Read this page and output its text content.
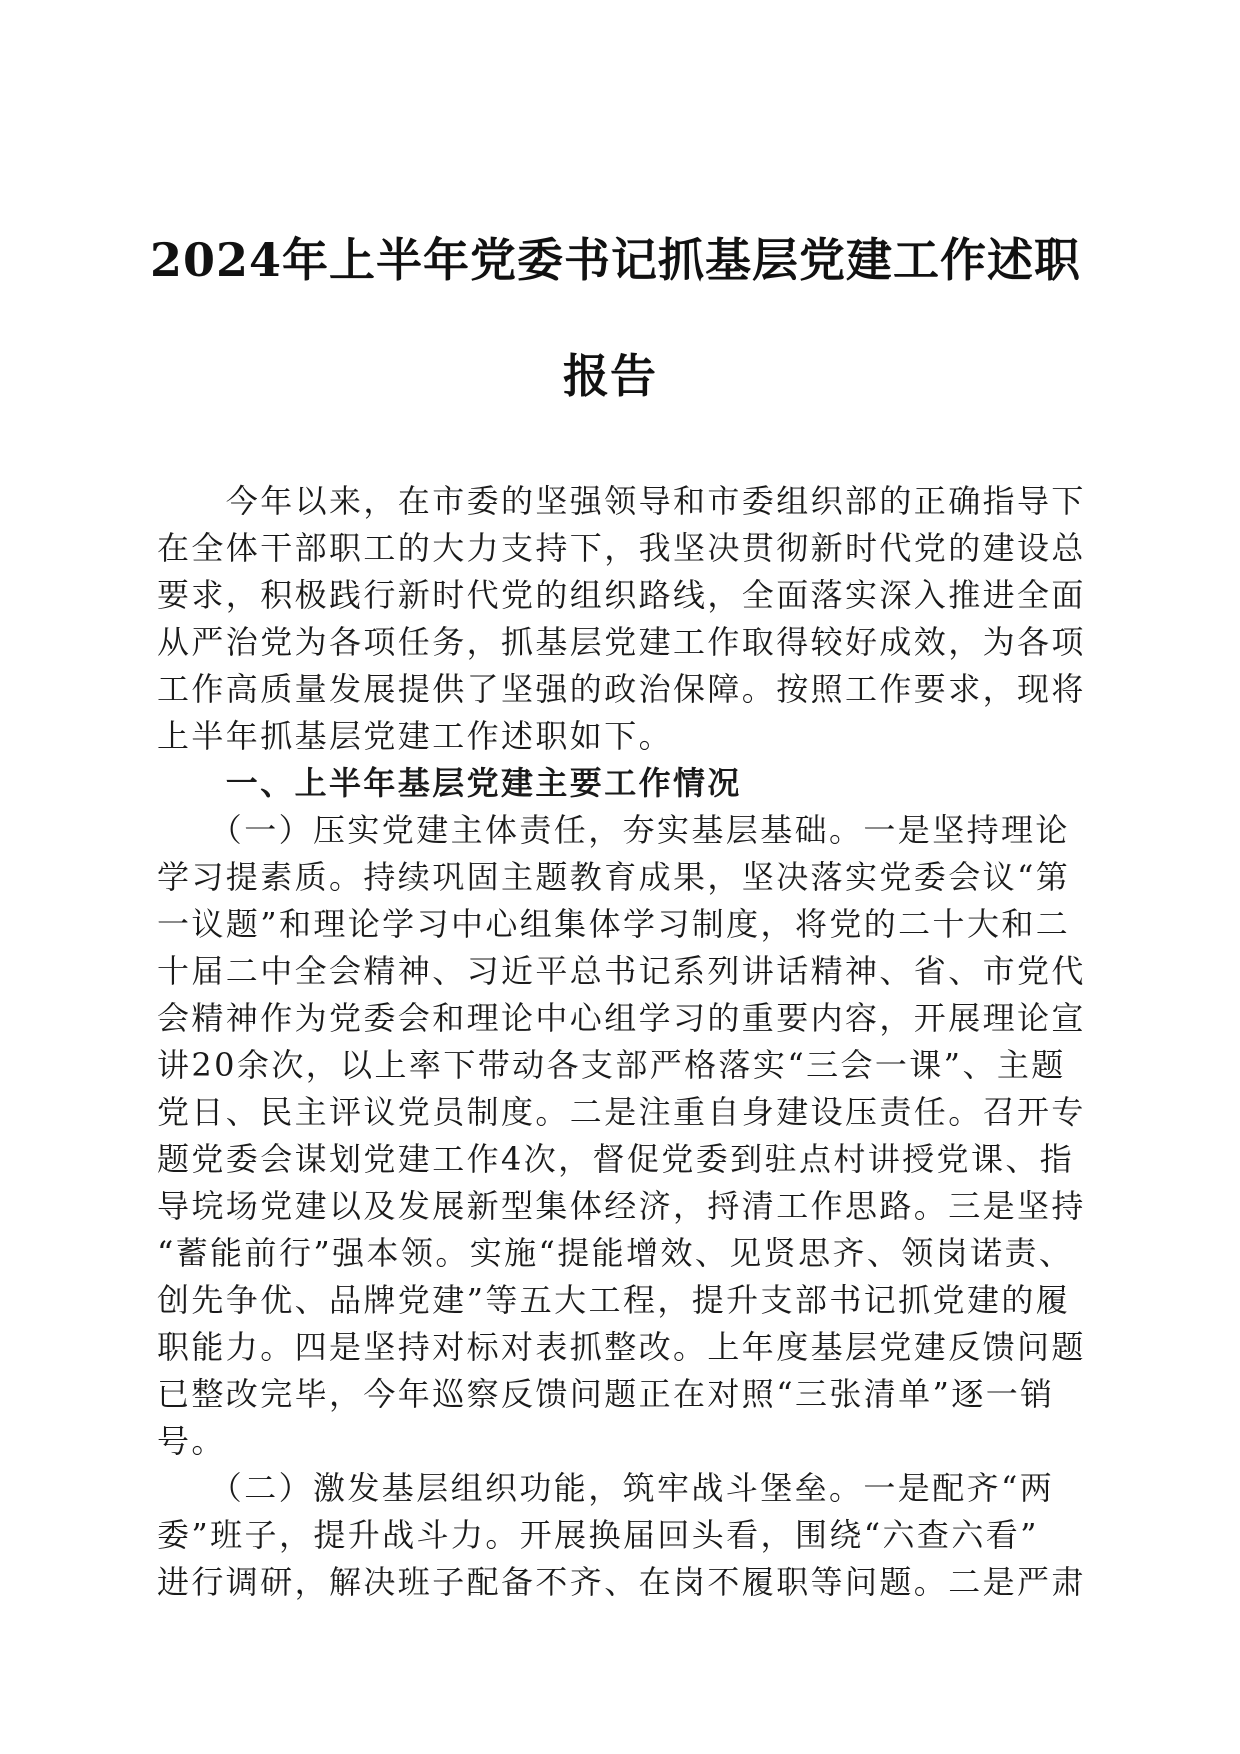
2024年上半年党委书记抓基层党建工作述职
报告
　　今年以来，在市委的坚强领导和市委组织部的正确指导下
在全体干部职工的大力支持下，我坚决贯彻新时代党的建设总
要求，积极践行新时代党的组织路线，全面落实深入推进全面
从严治党为各项任务，抓基层党建工作取得较好成效，为各项
工作高质量发展提供了坚强的政治保障。按照工作要求，现将
上半年抓基层党建工作述职如下。
　　一、上半年基层党建主要工作情况
　　（一）压实党建主体责任，夯实基层基础。一是坚持理论
学习提素质。持续巩固主题教育成果，坚决落实党委会议“第
一议题”和理论学习中心组集体学习制度，将党的二十大和二
十届二中全会精神、习近平总书记系列讲话精神、省、市党代
会精神作为党委会和理论中心组学习的重要内容，开展理论宣
讲20余次，以上率下带动各支部严格落实“三会一课”、主题
党日、民主评议党员制度。二是注重自身建设压责任。召开专
题党委会谋划党建工作4次，督促党委到驻点村讲授党课、指
导垸场党建以及发展新型集体经济，捋清工作思路。三是坚持
“蓄能前行”强本领。实施“提能增效、见贤思齐、领岗诺责、
创先争优、品牌党建”等五大工程，提升支部书记抓党建的履
职能力。四是坚持对标对表抓整改。上年度基层党建反馈问题
已整改完毕，今年巡察反馈问题正在对照“三张清单”逐一销
号。
　　（二）激发基层组织功能，筑牢战斗堡垒。一是配齐“两
委”班子，提升战斗力。开展换届回头看，围绕“六查六看”
进行调研，解决班子配备不齐、在岗不履职等问题。二是严肃
